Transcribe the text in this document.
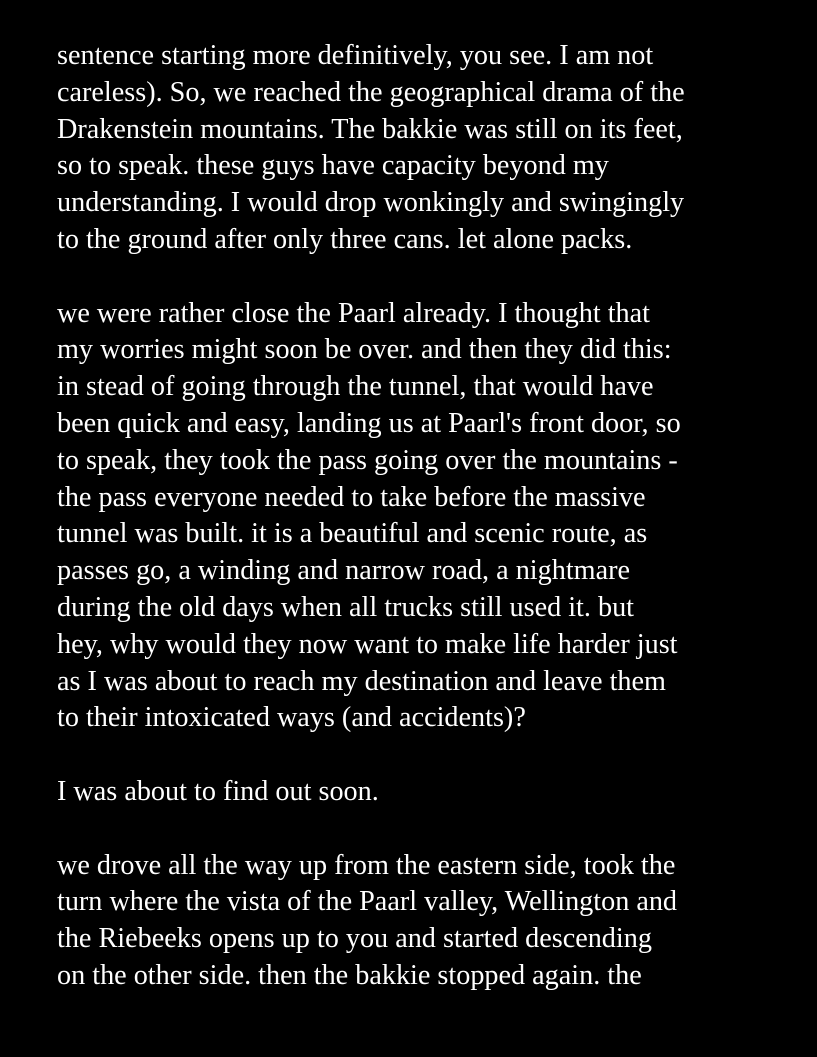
sentence starting more definitively, you see. I am not
careless). So, we reached the geographical drama of the
Drakenstein mountains. The bakkie was still on its feet,
so to speak. these guys have capacity beyond my
understanding. I would drop wonkingly and swingingly
to the ground after only three cans. let alone packs.
we were rather close the Paarl already. I thought that
my worries might soon be over. and then they did this:
in stead of going through the tunnel, that would have
been quick and easy, landing us at Paarl's front door, so
to speak, they took the pass going over the mountains -
the pass everyone needed to take before the massive
tunnel was built. it is a beautiful and scenic route, as
passes go, a winding and narrow road, a nightmare
during the old days when all trucks still used it. but
hey, why would they now want to make life harder just
as I was about to reach my destination and leave them
to their intoxicated ways (and accidents)?
I was about to find out soon.
we drove all the way up from the eastern side, took the
turn where the vista of the Paarl valley, Wellington and
the Riebeeks opens up to you and started descending
on the other side. then the bakkie stopped again. the
